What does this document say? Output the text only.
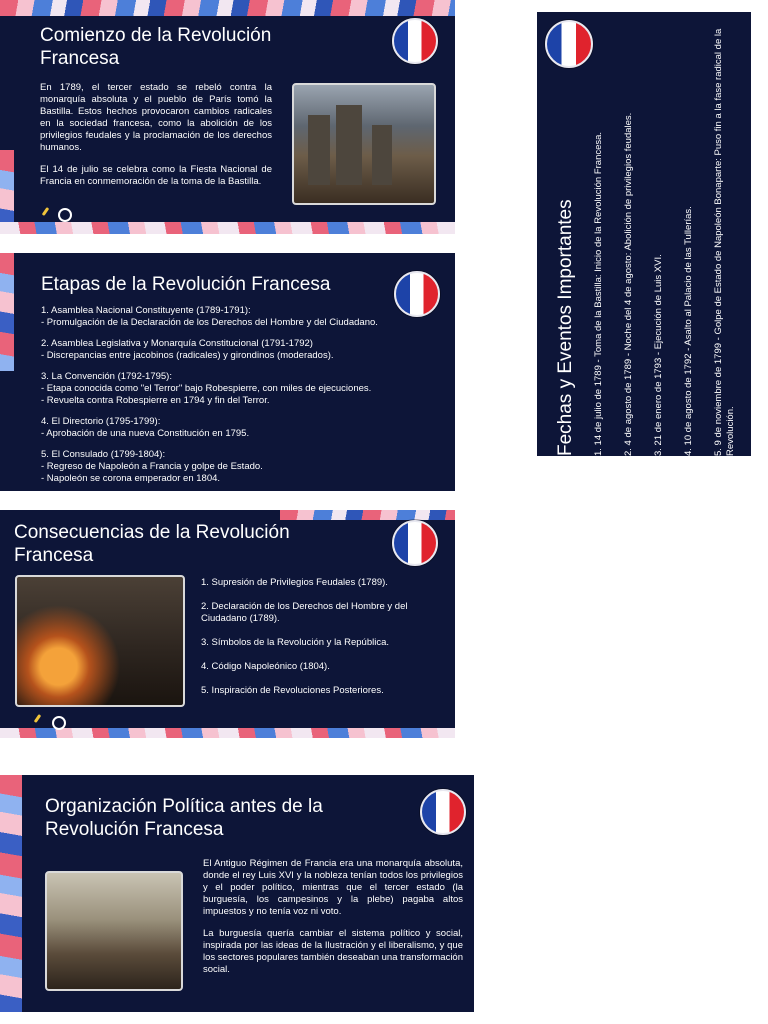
Comienzo de la Revolución Francesa

En 1789, el tercer estado se rebeló contra la monarquía absoluta y el pueblo de París tomó la Bastilla. Estos hechos provocaron cambios radicales en la sociedad francesa, como la abolición de los privilegios feudales y la proclamación de los derechos humanos.

El 14 de julio se celebra como la Fiesta Nacional de Francia en conmemoración de la toma de la Bastilla.

Etapas de la Revolución Francesa
1. Asamblea Nacional Constituyente (1789-1791):
- Promulgación de la Declaración de los Derechos del Hombre y del Ciudadano.
2. Asamblea Legislativa y Monarquía Constitucional (1791-1792)
- Discrepancias entre jacobinos (radicales) y girondinos (moderados).
3. La Convención (1792-1795):
- Etapa conocida como "el Terror" bajo Robespierre, con miles de ejecuciones.
- Revuelta contra Robespierre en 1794 y fin del Terror.
4. El Directorio (1795-1799):
- Aprobación de una nueva Constitución en 1795.
5. El Consulado (1799-1804):
- Regreso de Napoleón a Francia y golpe de Estado.
- Napoleón se corona emperador en 1804.
Consecuencias de la Revolución Francesa
1. Supresión de Privilegios Feudales (1789).
2. Declaración de los Derechos del Hombre y del Ciudadano (1789).
3. Símbolos de la Revolución y la República.
4. Código Napoleónico (1804).
5. Inspiración de Revoluciones Posteriores.
Organización Política antes de la Revolución Francesa

El Antiguo Régimen de Francia era una monarquía absoluta, donde el rey Luis XVI y la nobleza tenían todos los privilegios y el poder político, mientras que el tercer estado (la burguesía, los campesinos y la plebe) pagaba altos impuestos y no tenía voz ni voto.

La burguesía quería cambiar el sistema político y social, inspirada por las ideas de la Ilustración y el liberalismo, y que los sectores populares también deseaban una transformación social.

Fechas y Eventos Importantes 1. 14 de julio de 1789 - Toma de la Bastilla: Inicio de la Revolución Francesa. 2. 4 de agosto de 1789 - Noche del 4 de agosto: Abolición de privilegios feudales. 3. 21 de enero de 1793 - Ejecución de Luis XVI. 4. 10 de agosto de 1792 - Asalto al Palacio de las Tullerías. 5. 9 de noviembre de 1799 - Golpe de Estado de Napoleón Bonaparte: Puso fin a la fase radical de la Revolución.
